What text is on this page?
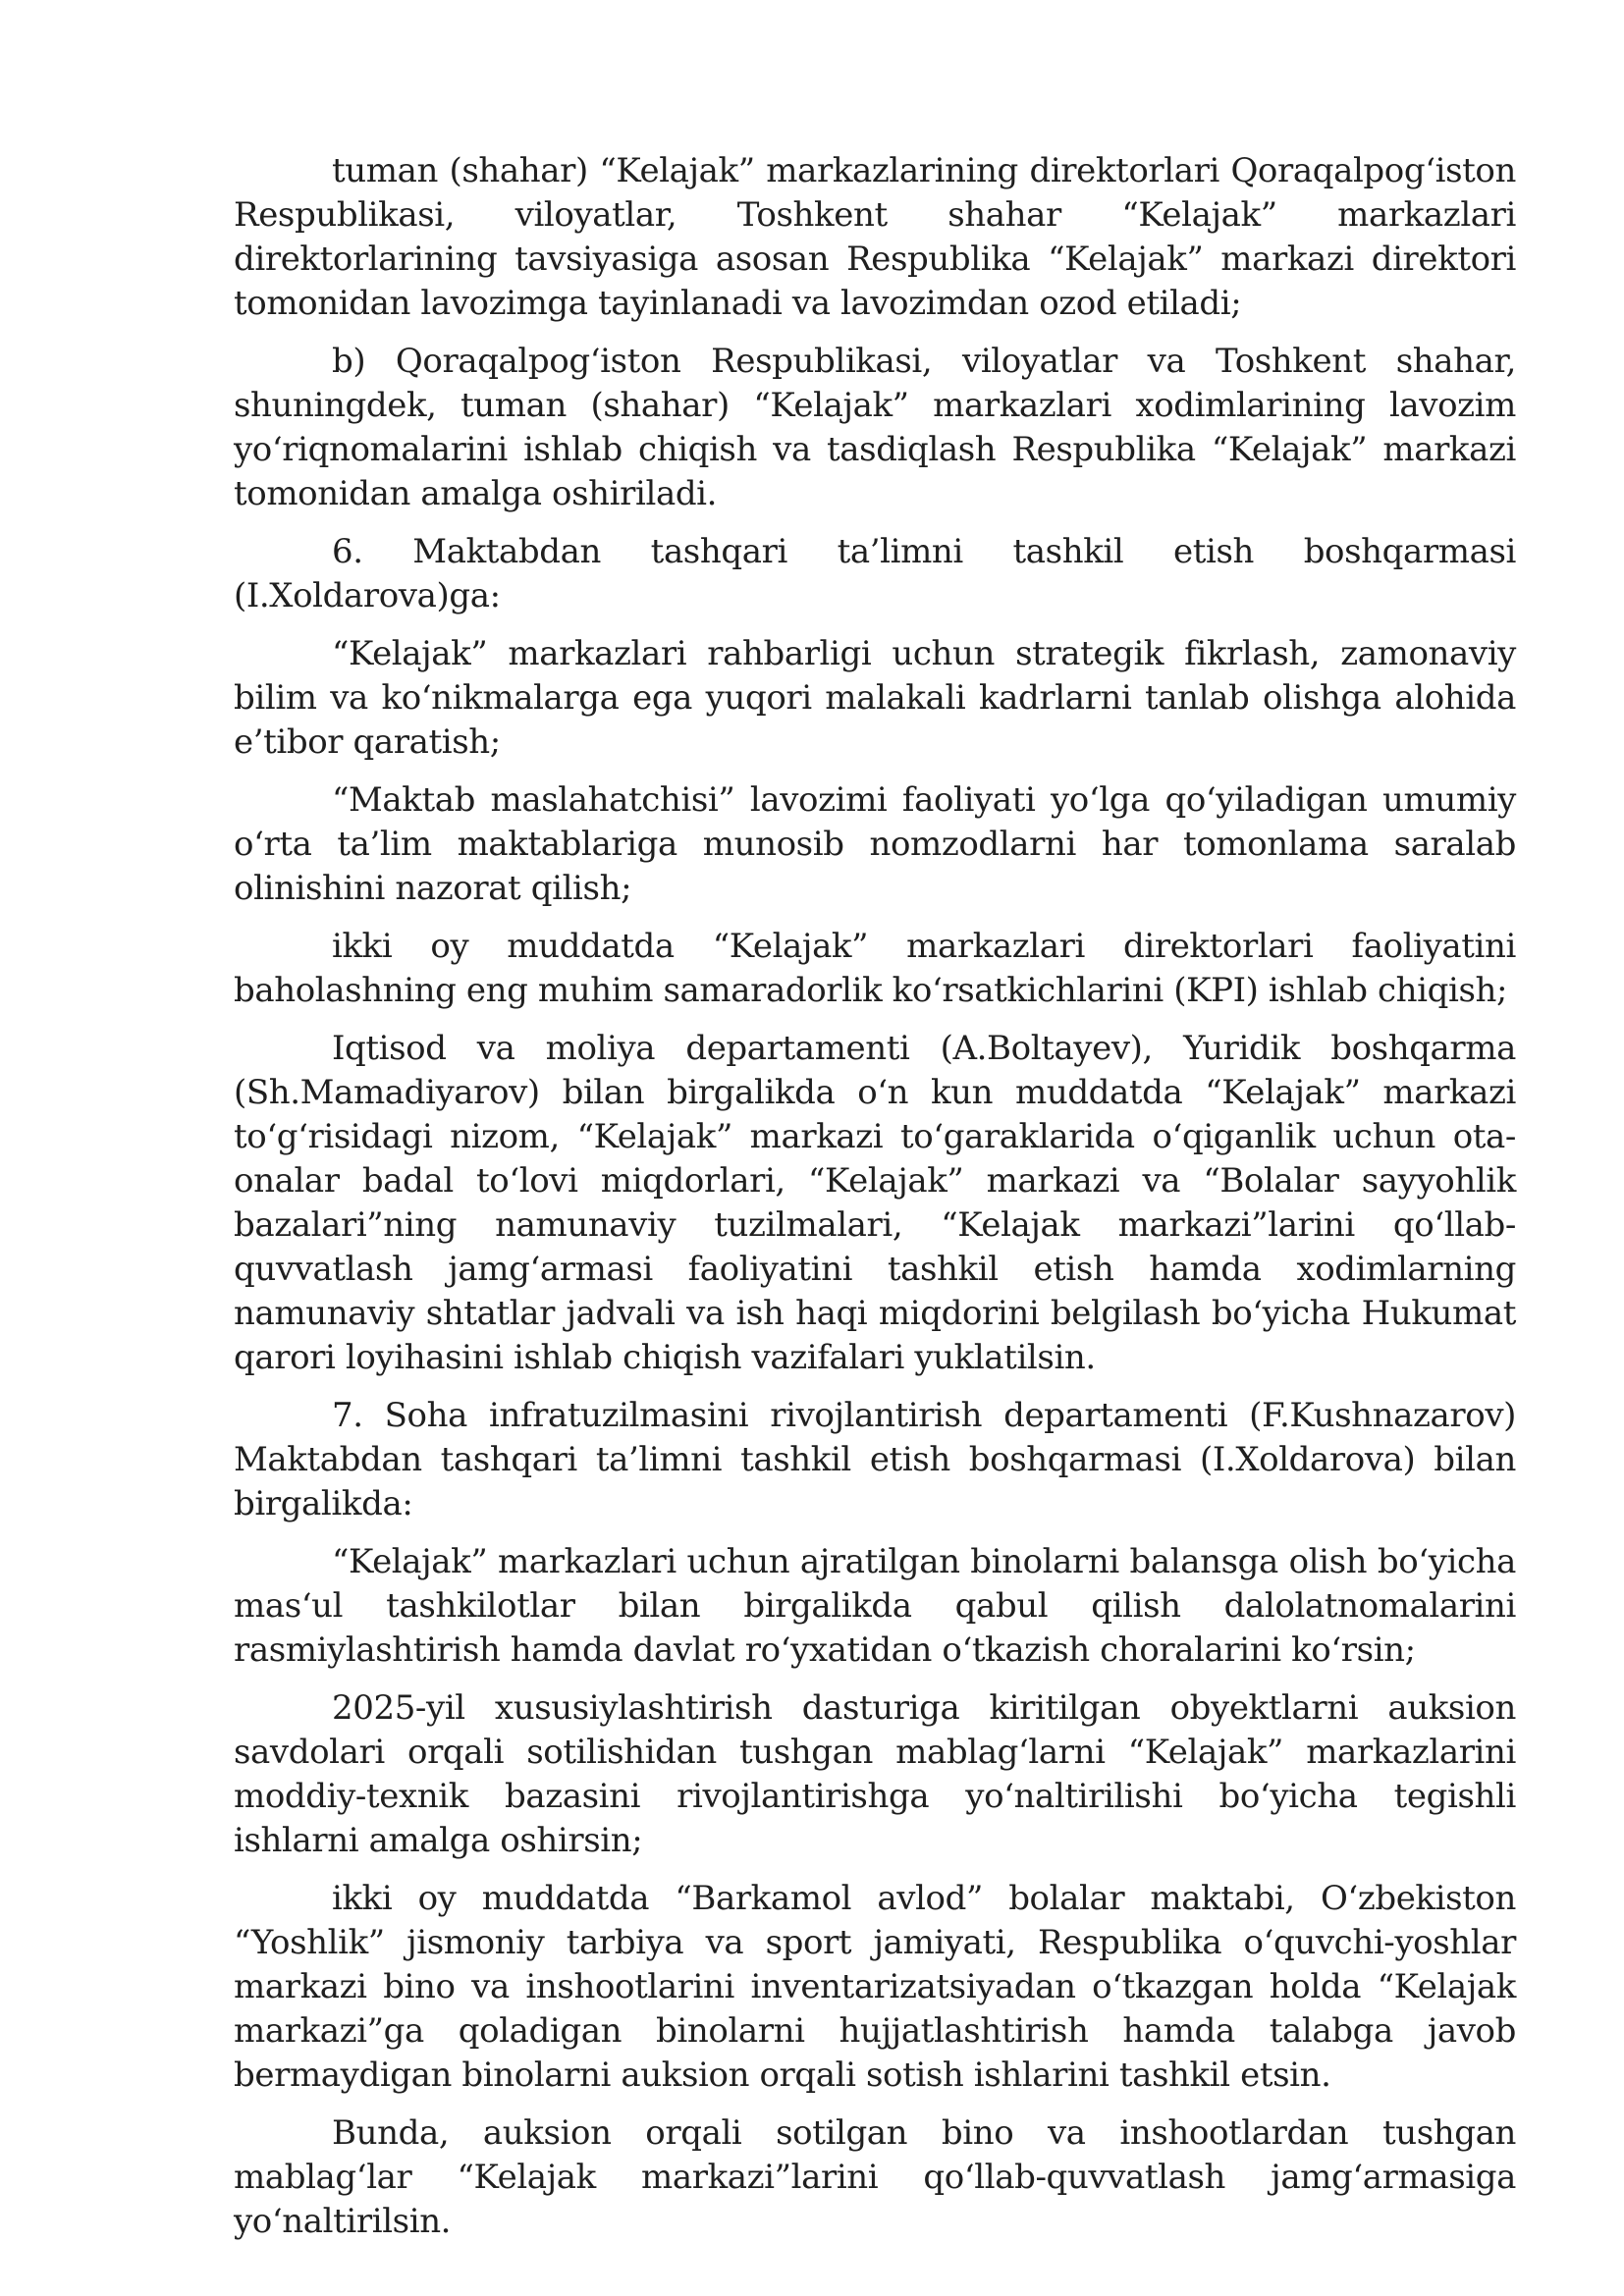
tuman (shahar) “Kelajak” markazlarining direktorlari Qoraqalpog‘iston Respublikasi, viloyatlar, Toshkent shahar “Kelajak” markazlari direktorlarining tavsiyasiga asosan Respublika “Kelajak” markazi direktori tomonidan lavozimga tayinlanadi va lavozimdan ozod etiladi;

b) Qoraqalpog‘iston Respublikasi, viloyatlar va Toshkent shahar, shuningdek, tuman (shahar) “Kelajak” markazlari xodimlarining lavozim yo‘riqnomalarini ishlab chiqish va tasdiqlash Respublika “Kelajak” markazi tomonidan amalga oshiriladi.

6. Maktabdan tashqari ta’limni tashkil etish boshqarmasi (I.Xoldarova)ga:

“Kelajak” markazlari rahbarligi uchun strategik fikrlash, zamonaviy bilim va ko‘nikmalarga ega yuqori malakali kadrlarni tanlab olishga alohida e’tibor qaratish;

“Maktab maslahatchisi” lavozimi faoliyati yo‘lga qo‘yiladigan umumiy o‘rta ta’lim maktablariga munosib nomzodlarni har tomonlama saralab olinishini nazorat qilish;

ikki oy muddatda “Kelajak” markazlari direktorlari faoliyatini baholashning eng muhim samaradorlik ko‘rsatkichlarini (KPI) ishlab chiqish;

Iqtisod va moliya departamenti (A.Boltayev), Yuridik boshqarma (Sh.Mamadiyarov) bilan birgalikda o‘n kun muddatda “Kelajak” markazi to‘g‘risidagi nizom, “Kelajak” markazi to‘garaklarida o‘qiganlik uchun ota-onalar badal to‘lovi miqdorlari, “Kelajak” markazi va “Bolalar sayyohlik bazalari”ning namunaviy tuzilmalari, “Kelajak markazi”larini qo‘llab-quvvatlash jamg‘armasi faoliyatini tashkil etish hamda xodimlarning namunaviy shtatlar jadvali va ish haqi miqdorini belgilash bo‘yicha Hukumat qarori loyihasini ishlab chiqish vazifalari yuklatilsin.

7. Soha infratuzilmasini rivojlantirish departamenti (F.Kushnazarov) Maktabdan tashqari ta’limni tashkil etish boshqarmasi (I.Xoldarova) bilan birgalikda:

“Kelajak” markazlari uchun ajratilgan binolarni balansga olish bo‘yicha mas‘ul tashkilotlar bilan birgalikda qabul qilish dalolatnomalarini rasmiylashtirish hamda davlat ro‘yxatidan o‘tkazish choralarini ko‘rsin;

2025-yil xususiylashtirish dasturiga kiritilgan obyektlarni auksion savdolari orqali sotilishidan tushgan mablag‘larni “Kelajak” markazlarini moddiy-texnik bazasini rivojlantirishga yo‘naltirilishi bo‘yicha tegishli ishlarni amalga oshirsin;

ikki oy muddatda “Barkamol avlod” bolalar maktabi, O‘zbekiston “Yoshlik” jismoniy tarbiya va sport jamiyati, Respublika o‘quvchi-yoshlar markazi bino va inshootlarini inventarizatsiyadan o‘tkazgan holda “Kelajak markazi”ga qoladigan binolarni hujjatlashtirish hamda talabga javob bermaydigan binolarni auksion orqali sotish ishlarini tashkil etsin.

Bunda, auksion orqali sotilgan bino va inshootlardan tushgan mablag‘lar “Kelajak markazi”larini qo‘llab-quvvatlash jamg‘armasiga yo‘naltirilsin.
